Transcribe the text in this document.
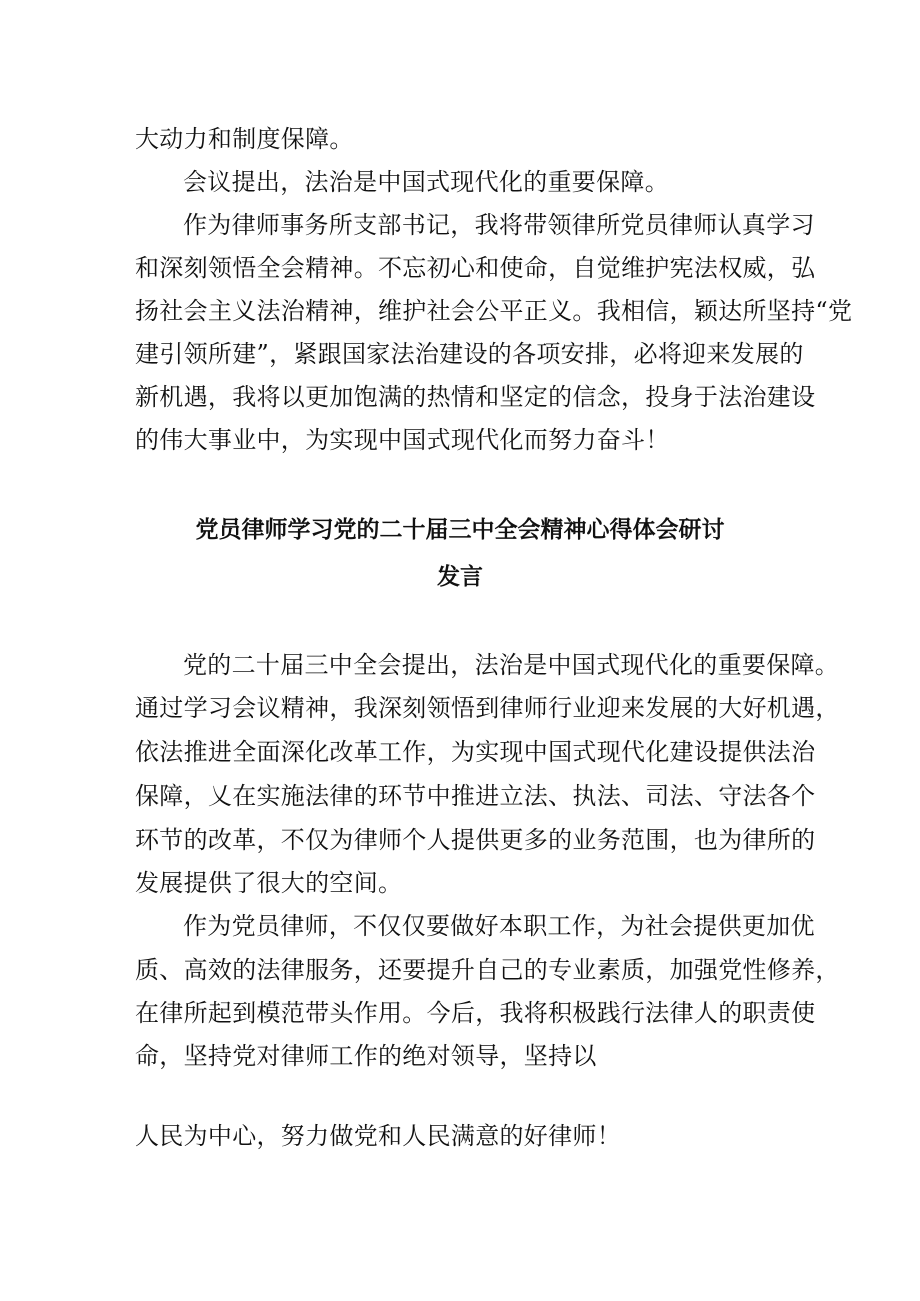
大动力和制度保障。
会议提出，法治是中国式现代化的重要保障。
作为律师事务所支部书记，我将带领律所党员律师认真学习
和深刻领悟全会精神。不忘初心和使命，自觉维护宪法权威，弘
扬社会主义法治精神，维护社会公平正义。我相信，颖达所坚持“党
建引领所建”，紧跟国家法治建设的各项安排，必将迎来发展的
新机遇，我将以更加饱满的热情和坚定的信念，投身于法治建设
的伟大事业中，为实现中国式现代化而努力奋斗！
党员律师学习党的二十届三中全会精神心得体会研讨
发言
党的二十届三中全会提出，法治是中国式现代化的重要保障。
通过学习会议精神，我深刻领悟到律师行业迎来发展的大好机遇，
依法推进全面深化改革工作，为实现中国式现代化建设提供法治
保障，乂在实施法律的环节中推进立法、执法、司法、守法各个
环节的改革，不仅为律师个人提供更多的业务范围，也为律所的
发展提供了很大的空间。
作为党员律师，不仅仅要做好本职工作，为社会提供更加优
质、高效的法律服务，还要提升自己的专业素质，加强党性修养，
在律所起到模范带头作用。今后，我将积极践行法律人的职责使
命，坚持党对律师工作的绝对领导，坚持以
人民为中心，努力做党和人民满意的好律师！
